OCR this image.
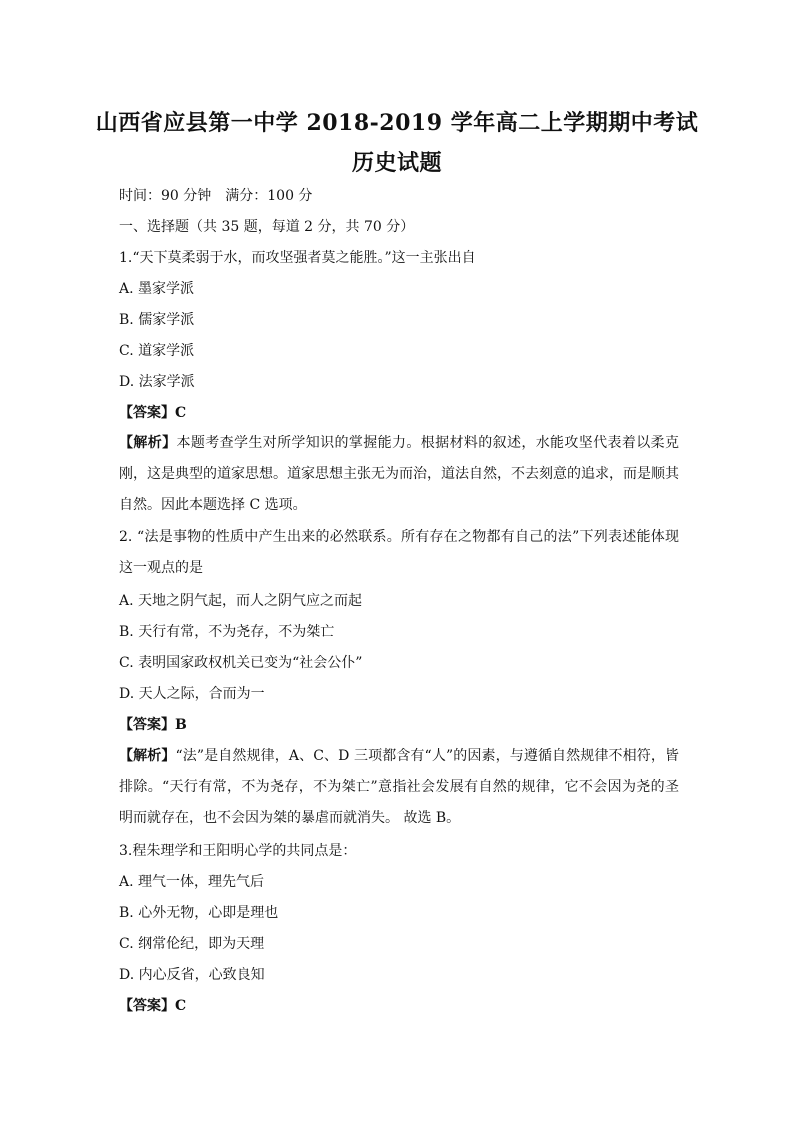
山西省应县第一中学 2018-2019 学年高二上学期期中考试
历史试题
时间：90 分钟　满分：100 分
一、选择题（共 35 题，每道 2 分，共 70 分）
1.“天下莫柔弱于水，而攻坚强者莫之能胜。”这一主张出自
A. 墨家学派
B. 儒家学派
C. 道家学派
D. 法家学派
【答案】C
【解析】本题考查学生对所学知识的掌握能力。根据材料的叙述，水能攻坚代表着以柔克刚，这是典型的道家思想。道家思想主张无为而治，道法自然，不去刻意的追求，而是顺其自然。因此本题选择 C 选项。
2. “法是事物的性质中产生出来的必然联系。所有存在之物都有自己的法”下列表述能体现这一观点的是
A. 天地之阴气起，而人之阴气应之而起
B. 天行有常，不为尧存，不为桀亡
C. 表明国家政权机关已变为“社会公仆”
D. 天人之际，合而为一
【答案】B
【解析】“法”是自然规律，A、C、D 三项都含有“人”的因素，与遵循自然规律不相符，皆排除。“天行有常，不为尧存，不为桀亡”意指社会发展有自然的规律，它不会因为尧的圣明而就存在，也不会因为桀的暴虐而就消失。 故选 B。
3.程朱理学和王阳明心学的共同点是：
A. 理气一体，理先气后
B. 心外无物，心即是理也
C. 纲常伦纪，即为天理
D. 内心反省，心致良知
【答案】C
